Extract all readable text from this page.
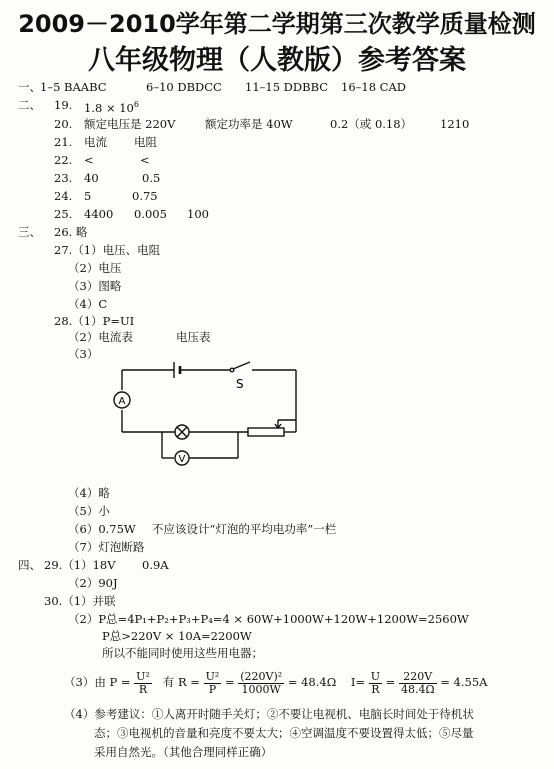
2009－2010学年第二学期第三次教学质量检测
八年级物理（人教版）参考答案
一、 1–5 BAABC	6–10 DBDCC 11–15 DDBBC 16–18 CAD
二、 19. $1.8 \times 10^6$
20. 额定电压是 220V	额定功率是 40W	0.2（或 0.18） 1210
21. 电流 电阻
22. <	<
23. 40	0.5
24. 5	0.75
25. 4400 0.005 100
三、 26. 略
27.（1）电压、电阻
（2）电压
（3）图略
（4）C
28.（1）P=UI
（2）电流表	电压表
（3）
A
V
S
（4）略
（5）小
（6）0.75W 不应该设计“灯泡的平均电功率”一栏
（7）灯泡断路
四、 29.（1）18V 0.9A
（2）90J
30.（1）并联
（2）P总=4P₁+P₂+P₃+P₄=4 × 60W+1000W+120W+1200W=2560W
P总>220V × 10A=2200W
所以不能同时使用这些用电器；
（3）由 $P = \frac{\text{U²}}{R}$ 有 $R = \frac{\text{U²}}{P} = \frac{\text{(220V)²}}{1000W} = 48.4\Omega$ $I= \frac{U}{R} = \frac{220V}{48.4\Omega} = 4.55A$
（4）参考建议：①人离开时随手关灯；②不要让电视机、电脑长时间处于待机状
态；③电视机的音量和亮度不要太大；④空调温度不要设置得太低；⑤尽量
采用自然光。（其他合理同样正确）
